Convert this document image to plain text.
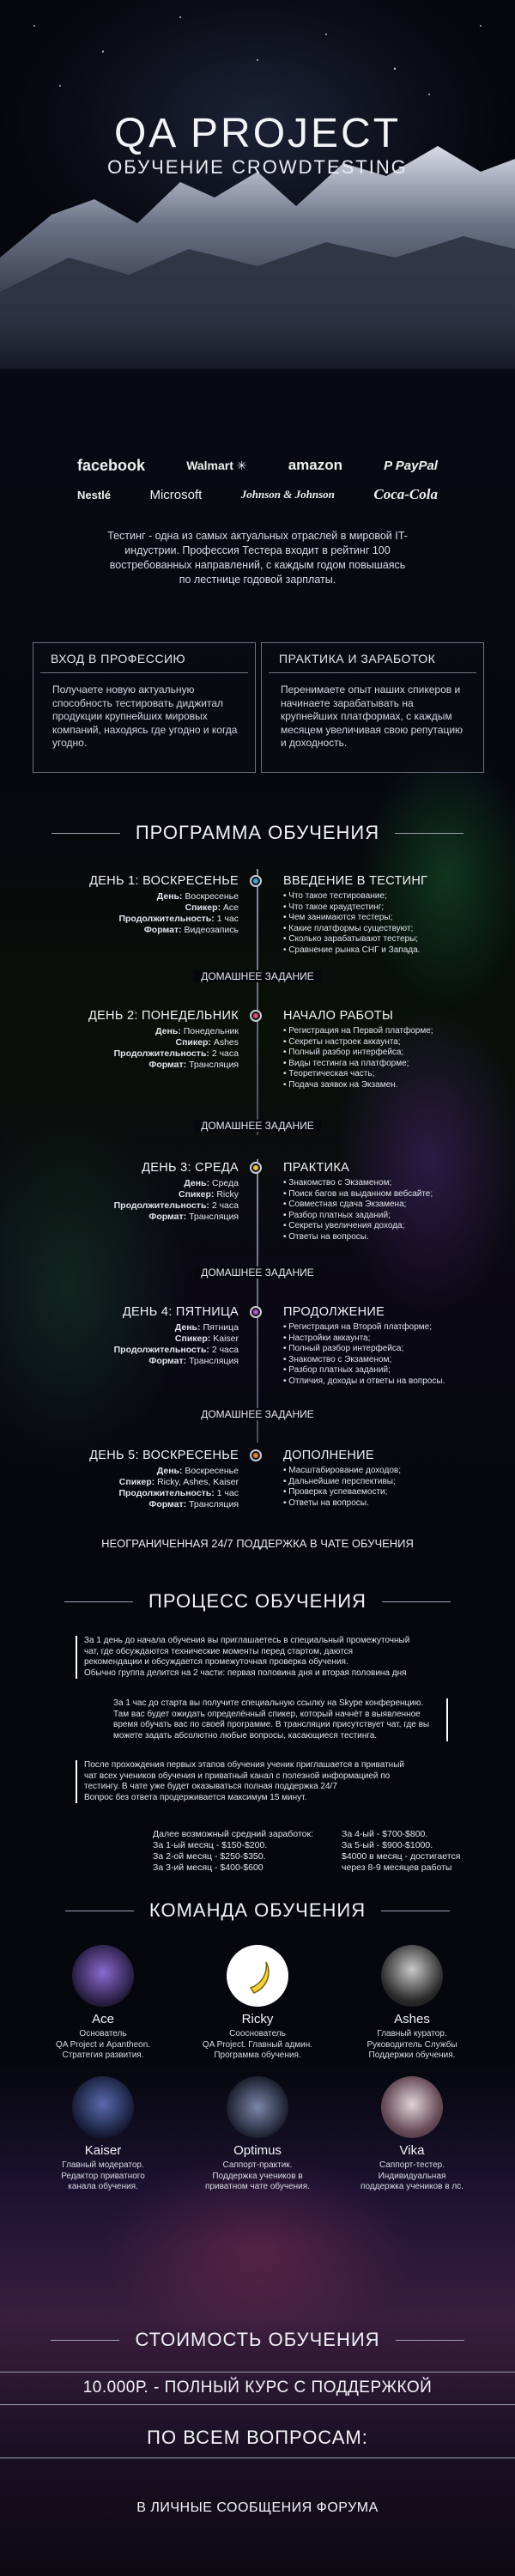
QA PROJECT
ОБУЧЕНИЕ CROWDTESTING
facebook	Walmart ✳	amazon	P PayPal
Nestlé	Microsoft	Johnson & Johnson	Coca-Cola
Тестинг - одна из самых актуальных отраслей в мировой IT-индустрии. Профессия Тестера входит в рейтинг 100 востребованных направлений, с каждым годом повышаясь по лестнице годовой зарплаты.
ВХОД В ПРОФЕССИЮ
Получаете новую актуальную способность тестировать диджитал продукции крупнейших мировых компаний, находясь где угодно и когда угодно.
ПРАКТИКА И ЗАРАБОТОК
Перенимаете опыт наших спикеров и начинаете зарабатывать на крупнейших платформах, с каждым месяцем увеличивая свою репутацию и доходность.
ПРОГРАММА ОБУЧЕНИЯ
ДЕНЬ 1: ВОСКРЕСЕНЬЕ
День: Воскресенье
Спикер: Ace
Продолжительность: 1 час
Формат: Видеозапись
ВВЕДЕНИЕ В ТЕСТИНГ
• Что такое тестирование;
• Что такое краудтестинг;
• Чем занимаются тестеры;
• Какие платформы существуют;
• Сколько зарабатывают тестеры;
• Сравнение рынка СНГ и Запада.
ДОМАШНЕЕ ЗАДАНИЕ
ДЕНЬ 2: ПОНЕДЕЛЬНИК
День: Понедельник
Спикер: Ashes
Продолжительность: 2 часа
Формат: Трансляция
НАЧАЛО РАБОТЫ
• Регистрация на Первой платформе;
• Секреты настроек аккаунта;
• Полный разбор интерфейса;
• Виды тестинга на платформе;
• Теоретическая часть;
• Подача заявок на Экзамен.
ДОМАШНЕЕ ЗАДАНИЕ
ДЕНЬ 3: СРЕДА
День: Среда
Спикер: Ricky
Продолжительность: 2 часа
Формат: Трансляция
ПРАКТИКА
• Знакомство с Экзаменом;
• Поиск багов на выданном вебсайте;
• Совместная сдача Экзамена;
• Разбор платных заданий;
• Секреты увеличения дохода;
• Ответы на вопросы.
ДОМАШНЕЕ ЗАДАНИЕ
ДЕНЬ 4: ПЯТНИЦА
День: Пятница
Спикер: Kaiser
Продолжительность: 2 часа
Формат: Трансляция
ПРОДОЛЖЕНИЕ
• Регистрация на Второй платформе;
• Настройки аккаунта;
• Полный разбор интерфейса;
• Знакомство с Экзаменом;
• Разбор платных заданий;
• Отличия, доходы и ответы на вопросы.
ДОМАШНЕЕ ЗАДАНИЕ
ДЕНЬ 5: ВОСКРЕСЕНЬЕ
День: Воскресенье
Спикер: Ricky, Ashes, Kaiser
Продолжительность: 1 час
Формат: Трансляция
ДОПОЛНЕНИЕ
• Масштабирование доходов;
• Дальнейшие перспективы;
• Проверка успеваемости;
• Ответы на вопросы.
НЕОГРАНИЧЕННАЯ 24/7 ПОДДЕРЖКА В ЧАТЕ ОБУЧЕНИЯ
ПРОЦЕСС ОБУЧЕНИЯ
За 1 день до начала обучения вы приглашаетесь в специальный промежуточный
чат, где обсуждаются технические моменты перед стартом, даются
рекомендации и обсуждается промежуточная проверка обучения.
Обычно группа делится на 2 части: первая половина дня и вторая половина дня
За 1 час до старта вы получите специальную ссылку на Skype конференцию.
Там вас будет ожидать определённый спикер, который начнёт в выявленное
время обучать вас по своей программе. В трансляции присутствует чат, где вы
можете задать абсолютно любые вопросы, касающиеся тестинга.
После прохождения первых этапов обучения ученик приглашается в приватный
чат всех учеников обучения и приватный канал с полезной информацией по
тестингу. В чате уже будет оказываться полная поддержка 24/7
Вопрос без ответа продерживается максимум 15 минут.
Далее возможный средний заработок:
За 1-ый месяц - $150-$200.
За 2-ой месяц - $250-$350.
За 3-ий месяц - $400-$600
За 4-ый - $700-$800.
За 5-ый - $900-$1000.
$4000 в месяц - достигается
через 8-9 месяцев работы
КОМАНДА ОБУЧЕНИЯ
Ace
Основатель
QA Project и Apantheon.
Стратегия развития.
Ricky
Сооснователь
QA Project. Главный админ.
Программа обучения.
Ashes
Главный куратор.
Руководитель Службы
Поддержки обучения.
Kaiser
Главный модератор.
Редактор приватного
канала обучения.
Optimus
Саппорт-практик.
Поддержка учеников в
приватном чате обучения.
Vika
Саппорт-тестер.
Индивидуальная
поддержка учеников в лс.
СТОИМОСТЬ ОБУЧЕНИЯ
10.000Р. - ПОЛНЫЙ КУРС С ПОДДЕРЖКОЙ
ПО ВСЕМ ВОПРОСАМ:
В ЛИЧНЫЕ СООБЩЕНИЯ ФОРУМА
